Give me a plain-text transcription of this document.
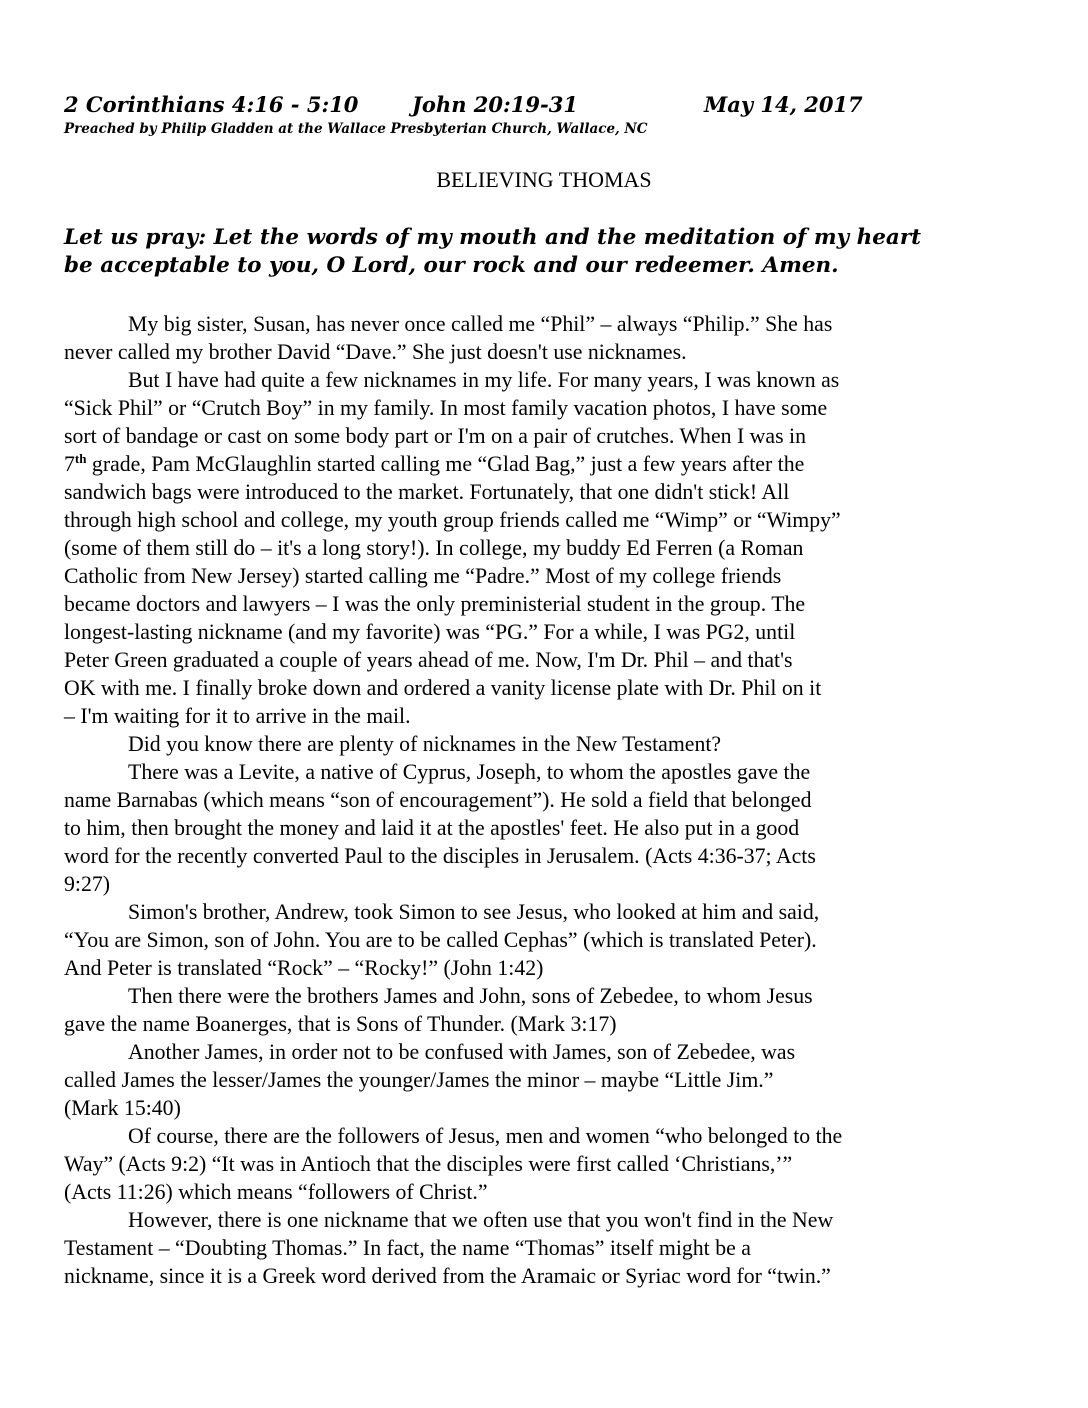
2 Corinthians 4:16 - 5:10	John 20:19-31	May 14, 2017
Preached by Philip Gladden at the Wallace Presbyterian Church, Wallace, NC
BELIEVING THOMAS
Let us pray: Let the words of my mouth and the meditation of my heart
be acceptable to you, O Lord, our rock and our redeemer. Amen.
My big sister, Susan, has never once called me “Phil” – always “Philip.” She has
never called my brother David “Dave.” She just doesn't use nicknames.
But I have had quite a few nicknames in my life. For many years, I was known as
“Sick Phil” or “Crutch Boy” in my family. In most family vacation photos, I have some
sort of bandage or cast on some body part or I'm on a pair of crutches. When I was in
7th grade, Pam McGlaughlin started calling me “Glad Bag,” just a few years after the
sandwich bags were introduced to the market. Fortunately, that one didn't stick! All
through high school and college, my youth group friends called me “Wimp” or “Wimpy”
(some of them still do – it's a long story!). In college, my buddy Ed Ferren (a Roman
Catholic from New Jersey) started calling me “Padre.” Most of my college friends
became doctors and lawyers – I was the only preministerial student in the group. The
longest-lasting nickname (and my favorite) was “PG.” For a while, I was PG2, until
Peter Green graduated a couple of years ahead of me. Now, I'm Dr. Phil – and that's
OK with me. I finally broke down and ordered a vanity license plate with Dr. Phil on it
– I'm waiting for it to arrive in the mail.
Did you know there are plenty of nicknames in the New Testament?
There was a Levite, a native of Cyprus, Joseph, to whom the apostles gave the
name Barnabas (which means “son of encouragement”). He sold a field that belonged
to him, then brought the money and laid it at the apostles' feet. He also put in a good
word for the recently converted Paul to the disciples in Jerusalem. (Acts 4:36-37; Acts
9:27)
Simon's brother, Andrew, took Simon to see Jesus, who looked at him and said,
“You are Simon, son of John. You are to be called Cephas” (which is translated Peter).
And Peter is translated “Rock” – “Rocky!” (John 1:42)
Then there were the brothers James and John, sons of Zebedee, to whom Jesus
gave the name Boanerges, that is Sons of Thunder. (Mark 3:17)
Another James, in order not to be confused with James, son of Zebedee, was
called James the lesser/James the younger/James the minor – maybe “Little Jim.”
(Mark 15:40)
Of course, there are the followers of Jesus, men and women “who belonged to the
Way” (Acts 9:2) “It was in Antioch that the disciples were first called ‘Christians,’”
(Acts 11:26) which means “followers of Christ.”
However, there is one nickname that we often use that you won't find in the New
Testament – “Doubting Thomas.” In fact, the name “Thomas” itself might be a
nickname, since it is a Greek word derived from the Aramaic or Syriac word for “twin.”
